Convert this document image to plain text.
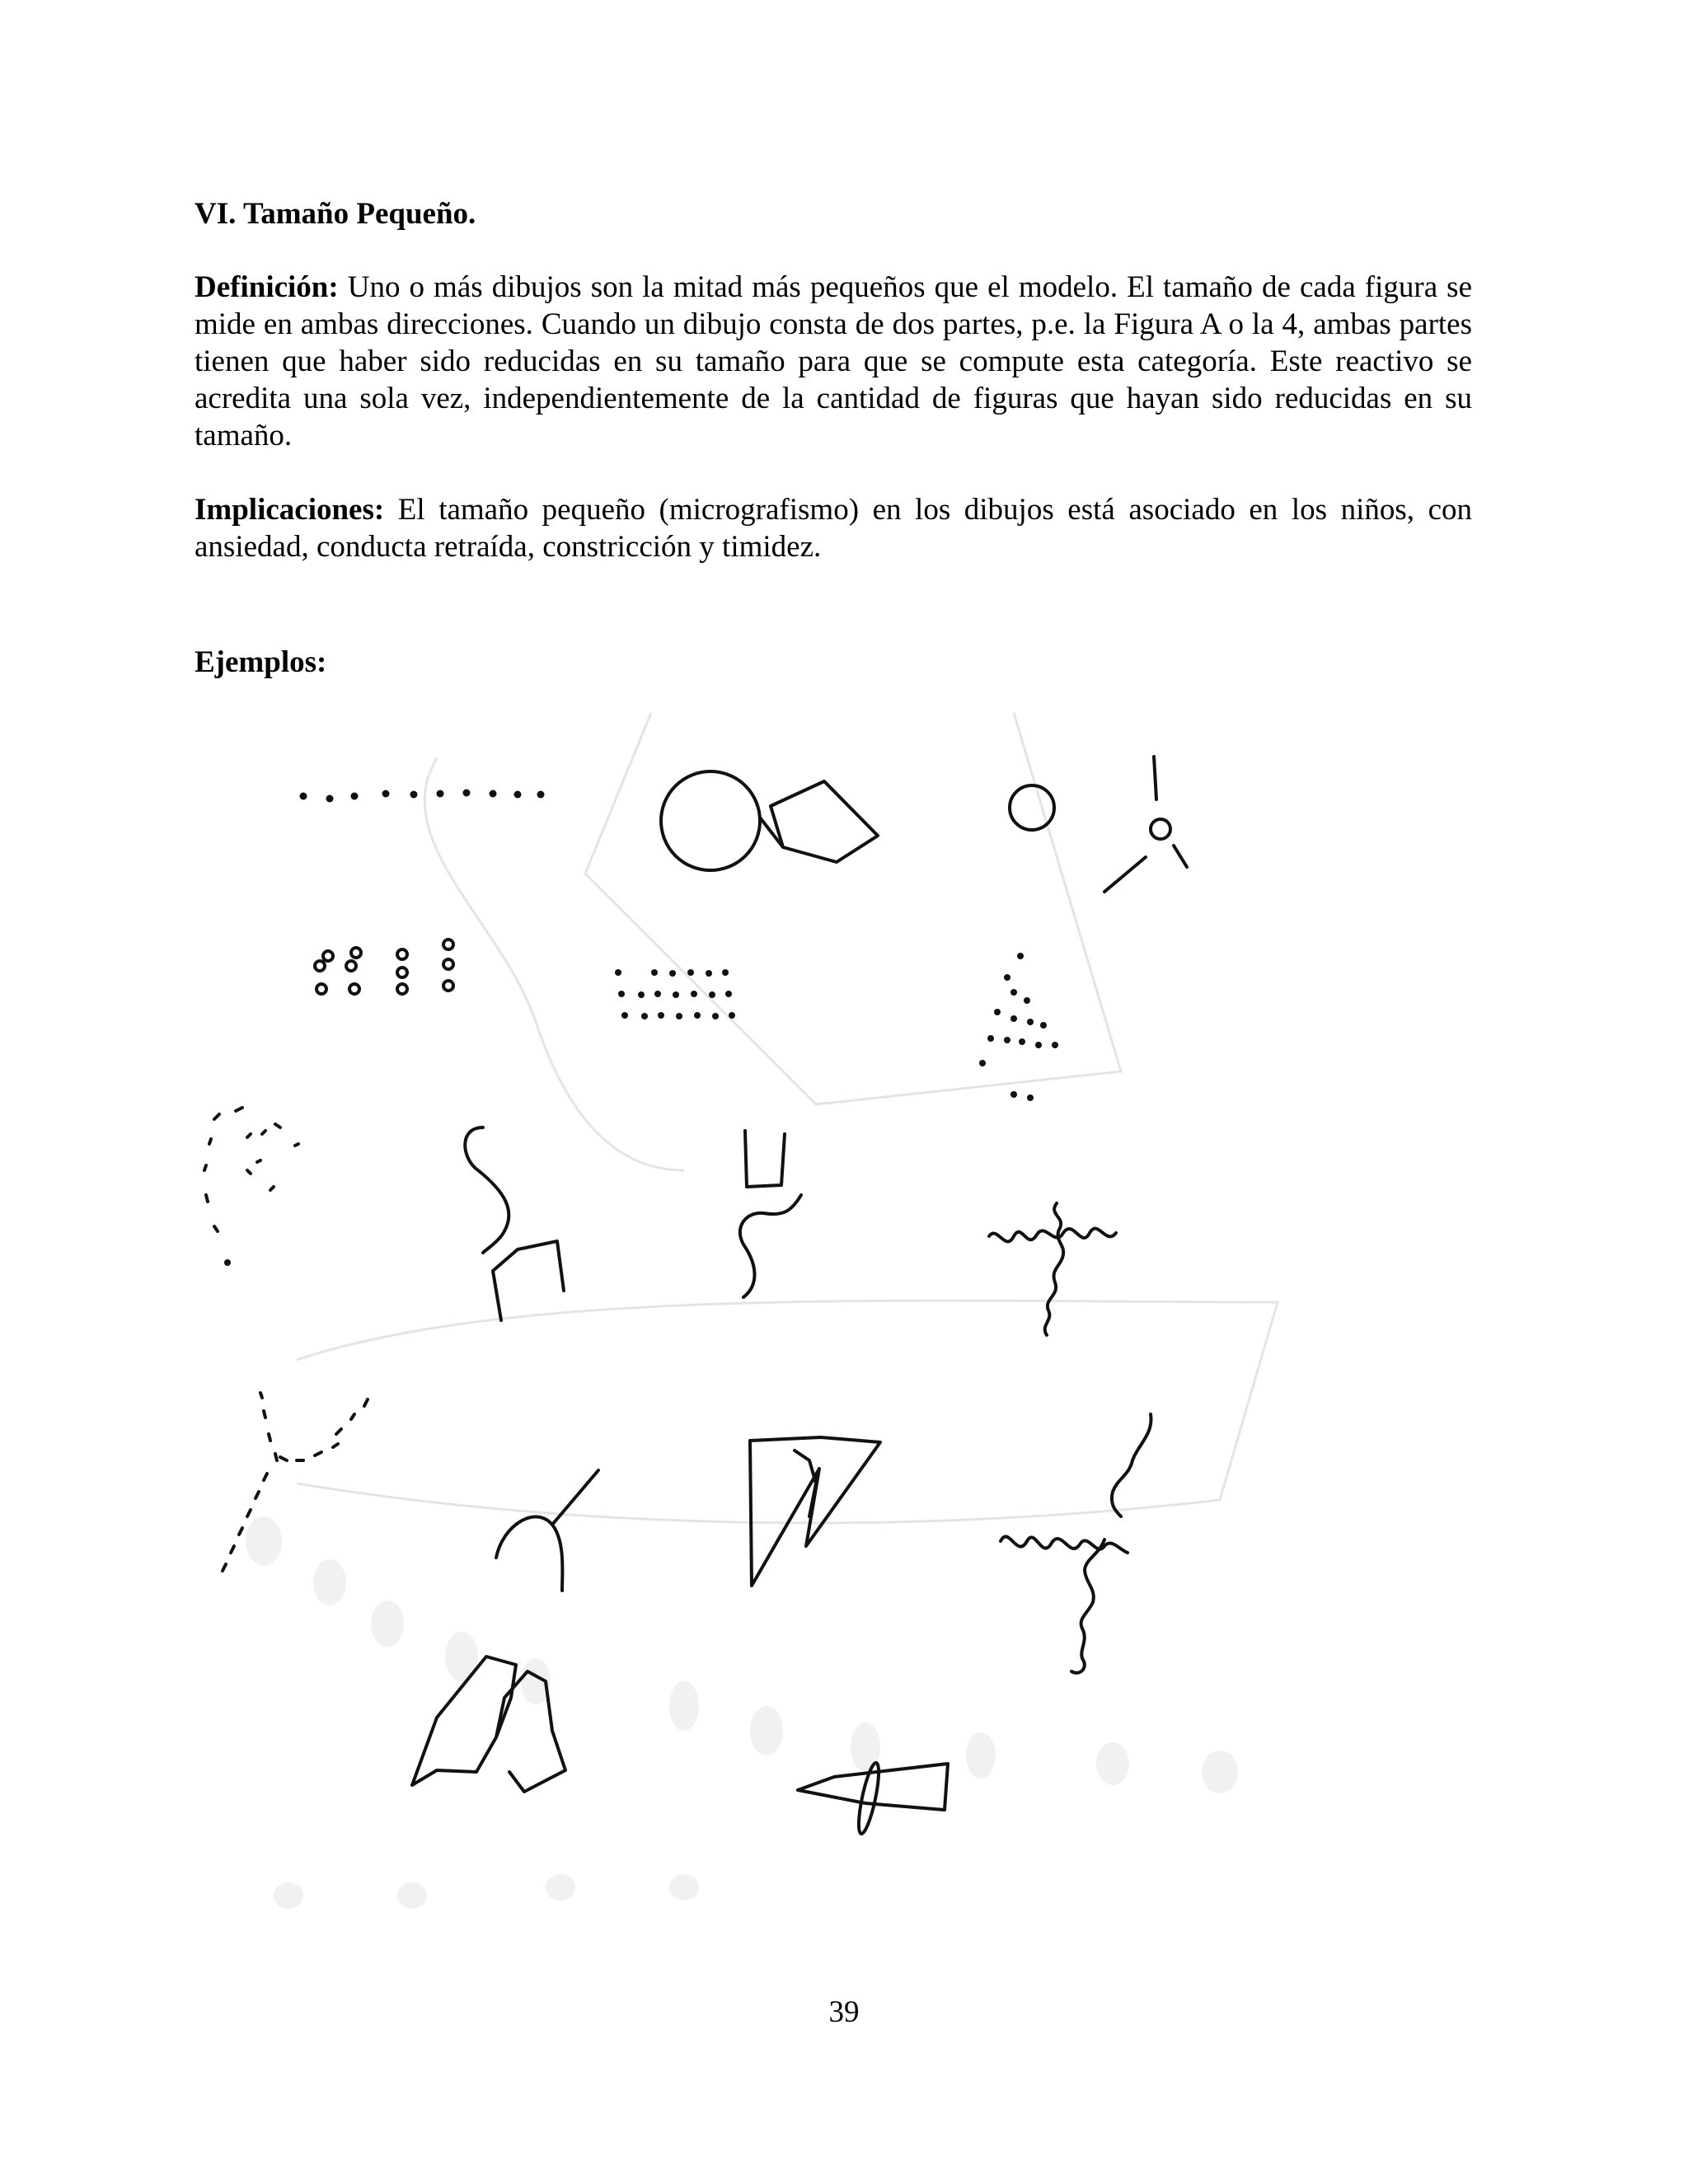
VI. Tamaño Pequeño.

Definición: Uno o más dibujos son la mitad más pequeños que el modelo. El tamaño de cada figura se mide en ambas direcciones. Cuando un dibujo consta de dos partes, p.e. la Figura A o la 4, ambas partes tienen que haber sido reducidas en su tamaño para que se compute esta categoría. Este reactivo se acredita una sola vez, independientemente de la cantidad de figuras que hayan sido reducidas en su tamaño.

Implicaciones: El tamaño pequeño (micrografismo) en los dibujos está asociado en los niños, con ansiedad, conducta retraída, constricción y timidez.

Ejemplos:
39
